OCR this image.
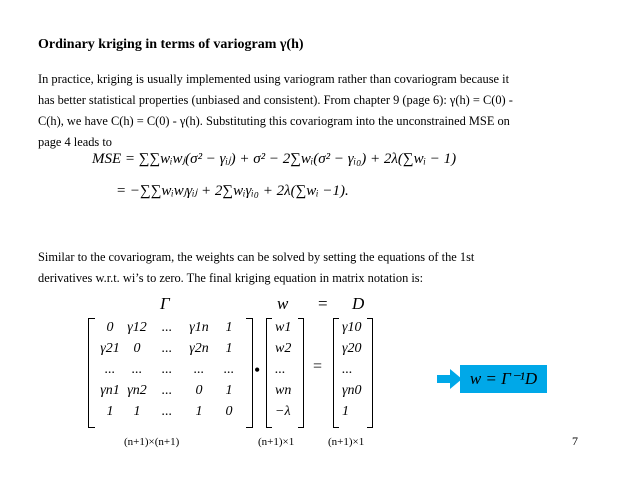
Ordinary kriging in terms of variogram γ(h)
In practice, kriging is usually implemented using variogram rather than covariogram because it
has better statistical properties (unbiased and consistent). From chapter 9 (page 6): γ(h) = C(0) -
C(h), we have C(h) = C(0) - γ(h). Substituting this covariogram into the unconstrained MSE on
page 4 leads to
MSE = ∑∑wᵢwⱼ(σ² − γᵢⱼ) + σ² − 2∑wᵢ(σ² − γᵢ₀) + 2λ(∑wᵢ − 1)
= −∑∑wᵢwⱼγᵢⱼ + 2∑wᵢγᵢ₀ + 2λ(∑wᵢ −1).
Similar to the covariogram, the weights can be solved by setting the equations of the 1st
derivatives w.r.t. wi’s to zero. The final kriging equation in matrix notation is:
Γ	w = D
0 γ12	...	γ1n	1
γ21 0	...	γ2n	1
...	...	...	...	...
γn1 γn2	...	0	1
1	1	...	1	0
•
w1
w2
...
wn
−λ
=
γ10
γ20
...
γn0
1
w = Γ⁻¹D
(n+1)×(n+1)	(n+1)×1	(n+1)×1	7
